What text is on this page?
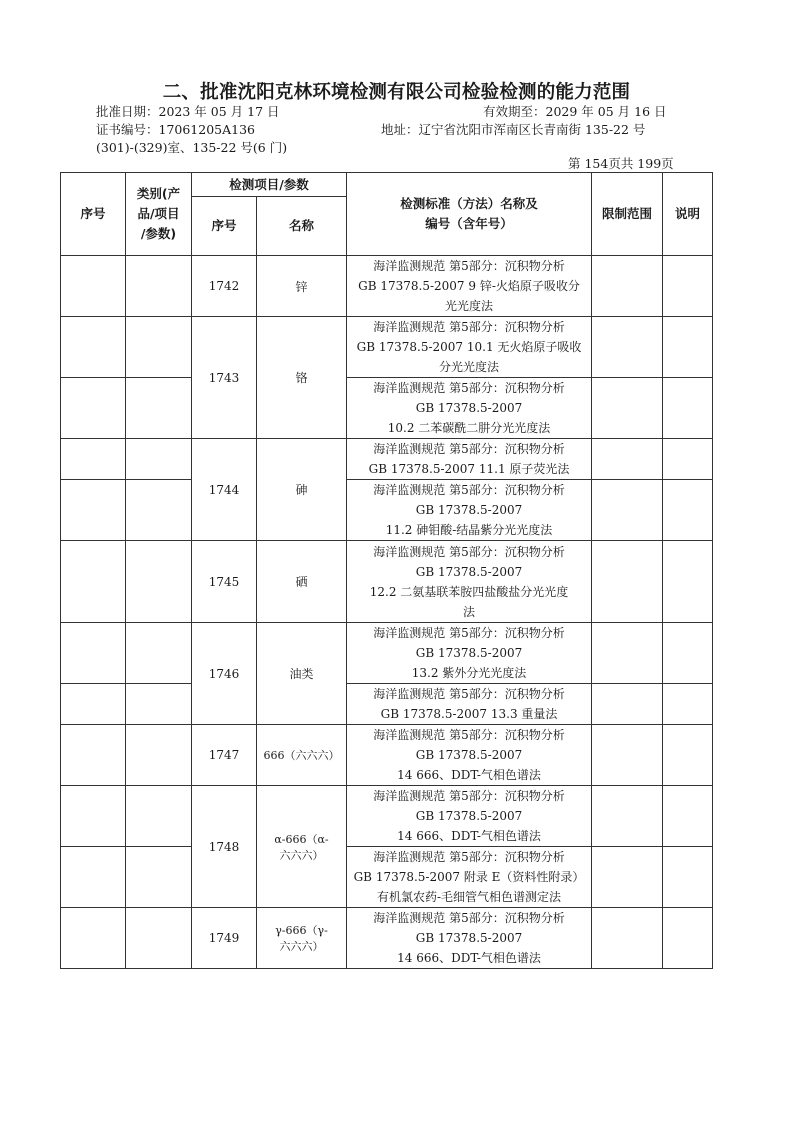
二、批准沈阳克林环境检测有限公司检验检测的能力范围
批准日期：2023 年 05 月 17 日	有效期至：2029 年 05 月 16 日
证书编号：17061205A136	地址：辽宁省沈阳市浑南区长青南街 135-22 号
(301)-(329)室、135-22 号(6 门)
第 154页共 199页
序号	类别(产
品/项目
/参数)	检测项目/参数		检测标准（方法）名称及
编号（含年号）	限制范围	说明
		序号	名称			
		1742	锌	海洋监测规范 第5部分：沉积物分析
GB 17378.5-2007 9 锌-火焰原子吸收分
光光度法		

		1743	铬	海洋监测规范 第5部分：沉积物分析
GB 17378.5-2007 10.1 无火焰原子吸收
分光光度法		

				海洋监测规范 第5部分：沉积物分析
GB 17378.5-2007
10.2 二苯碳酰二肼分光光度法		

		1744	砷	海洋监测规范 第5部分：沉积物分析
GB 17378.5-2007 11.1 原子荧光法		

				海洋监测规范 第5部分：沉积物分析
GB 17378.5-2007
11.2 砷钼酸-结晶紫分光光度法		

		1745	硒	海洋监测规范 第5部分：沉积物分析
GB 17378.5-2007
12.2 二氨基联苯胺四盐酸盐分光光度
法		

		1746	油类	海洋监测规范 第5部分：沉积物分析
GB 17378.5-2007
13.2 紫外分光光度法		

				海洋监测规范 第5部分：沉积物分析
GB 17378.5-2007 13.3 重量法		

		1747	666（六六六）	海洋监测规范 第5部分：沉积物分析
GB 17378.5-2007
14 666、DDT-气相色谱法		

		1748	α-666（α-
六六六）	海洋监测规范 第5部分：沉积物分析
GB 17378.5-2007
14 666、DDT-气相色谱法		

				海洋监测规范 第5部分：沉积物分析
GB 17378.5-2007 附录 E（资料性附录）
有机氯农药-毛细管气相色谱测定法		

		1749	γ-666（γ-
六六六）	海洋监测规范 第5部分：沉积物分析
GB 17378.5-2007
14 666、DDT-气相色谱法		
